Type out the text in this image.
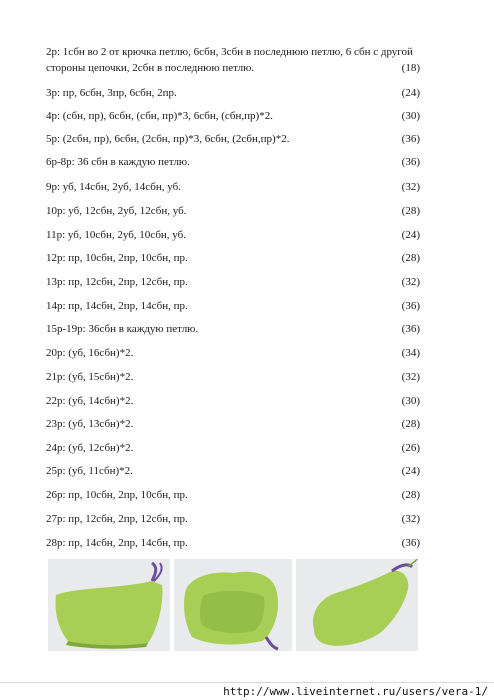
2р: 1сбн во 2 от крючка петлю, 6сбн, 3сбн в последнюю петлю, 6 сбн с другой стороны цепочки, 2сбн в последнюю петлю.	(18)
3р: пр, 6сбн, 3пр, 6сбн, 2пр.	(24)
4р: (сбн, пр), 6сбн, (сбн, пр)*3, 6сбн, (сбн,пр)*2.	(30)
5р: (2сбн, пр), 6сбн, (2сбн, пр)*3, 6сбн, (2сбн,пр)*2.	(36)
6р-8р: 36 сбн в каждую петлю.	(36)
9р: уб, 14сбн, 2уб, 14сбн, уб.	(32)
10р: уб, 12сбн, 2уб, 12сбн, уб.	(28)
11р: уб, 10сбн, 2уб, 10сбн, уб.	(24)
12р: пр, 10сбн, 2пр, 10сбн, пр.	(28)
13р: пр, 12сбн, 2пр, 12сбн, пр.	(32)
14р: пр, 14сбн, 2пр, 14сбн, пр.	(36)
15р-19р: 36сбн в каждую петлю.	(36)
20р: (уб, 16сбн)*2.	(34)
21р: (уб, 15сбн)*2.	(32)
22р: (уб, 14сбн)*2.	(30)
23р: (уб, 13сбн)*2.	(28)
24р: (уб, 12сбн)*2.	(26)
25р: (уб, 11сбн)*2.	(24)
26р: пр, 10сбн, 2пр, 10сбн, пр.	(28)
27р: пр, 12сбн, 2пр, 12сбн, пр.	(32)
28р: пр, 14сбн, 2пр, 14сбн, пр.	(36)
http://www.liveinternet.ru/users/vera-1/
